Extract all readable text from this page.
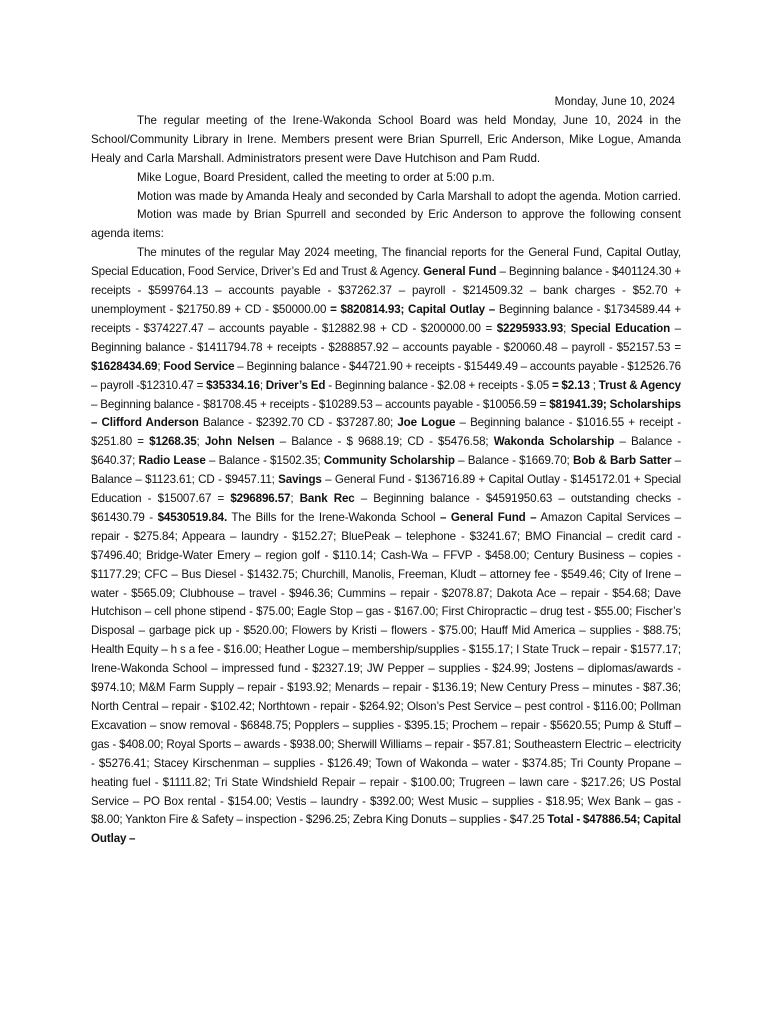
Monday, June 10, 2024

The regular meeting of the Irene-Wakonda School Board was held Monday, June 10, 2024 in the School/Community Library in Irene. Members present were Brian Spurrell, Eric Anderson, Mike Logue, Amanda Healy and Carla Marshall. Administrators present were Dave Hutchison and Pam Rudd.

Mike Logue, Board President, called the meeting to order at 5:00 p.m.

Motion was made by Amanda Healy and seconded by Carla Marshall to adopt the agenda. Motion carried.

Motion was made by Brian Spurrell and seconded by Eric Anderson to approve the following consent agenda items:

The minutes of the regular May 2024 meeting, The financial reports for the General Fund, Capital Outlay, Special Education, Food Service, Driver’s Ed and Trust & Agency. General Fund – Beginning balance - $401124.30 + receipts - $599764.13 – accounts payable - $37262.37 – payroll - $214509.32 – bank charges - $52.70 + unemployment - $21750.89 + CD - $50000.00 = $820814.93; Capital Outlay – Beginning balance - $1734589.44 + receipts - $374227.47 – accounts payable - $12882.98 + CD - $200000.00 = $2295933.93; Special Education – Beginning balance - $1411794.78 + receipts - $288857.92 – accounts payable - $20060.48 – payroll - $52157.53 = $1628434.69; Food Service – Beginning balance - $44721.90 + receipts - $15449.49 – accounts payable - $12526.76 – payroll -$12310.47 = $35334.16; Driver’s Ed - Beginning balance - $2.08 + receipts - $.05 = $2.13 ; Trust & Agency – Beginning balance - $81708.45 + receipts - $10289.53 – accounts payable - $10056.59 = $81941.39; Scholarships – Clifford Anderson Balance - $2392.70 CD - $37287.80; Joe Logue – Beginning balance - $1016.55 + receipt - $251.80 = $1268.35; John Nelsen – Balance - $ 9688.19; CD - $5476.58; Wakonda Scholarship – Balance - $640.37; Radio Lease – Balance - $1502.35; Community Scholarship – Balance - $1669.70; Bob & Barb Satter – Balance – $1123.61; CD - $9457.11; Savings – General Fund - $136716.89 + Capital Outlay - $145172.01 + Special Education - $15007.67 = $296896.57; Bank Rec – Beginning balance - $4591950.63 – outstanding checks - $61430.79 - $4530519.84. The Bills for the Irene-Wakonda School – General Fund – Amazon Capital Services – repair - $275.84; Appeara – laundry - $152.27; BluePeak – telephone - $3241.67; BMO Financial – credit card - $7496.40; Bridge-Water Emery – region golf - $110.14; Cash-Wa – FFVP - $458.00; Century Business – copies - $1177.29; CFC – Bus Diesel - $1432.75; Churchill, Manolis, Freeman, Kludt – attorney fee - $549.46; City of Irene – water - $565.09; Clubhouse – travel - $946.36; Cummins – repair - $2078.87; Dakota Ace – repair - $54.68; Dave Hutchison – cell phone stipend - $75.00; Eagle Stop – gas - $167.00; First Chiropractic – drug test - $55.00; Fischer’s Disposal – garbage pick up - $520.00; Flowers by Kristi – flowers - $75.00; Hauff Mid America – supplies - $88.75; Health Equity – h s a fee - $16.00; Heather Logue – membership/supplies - $155.17; I State Truck – repair - $1577.17; Irene-Wakonda School – impressed fund - $2327.19; JW Pepper – supplies - $24.99; Jostens – diplomas/awards - $974.10; M&M Farm Supply – repair - $193.92; Menards – repair - $136.19; New Century Press – minutes - $87.36; North Central – repair - $102.42; Northtown - repair - $264.92; Olson’s Pest Service – pest control - $116.00; Pollman Excavation – snow removal - $6848.75; Popplers – supplies - $395.15; Prochem – repair - $5620.55; Pump & Stuff – gas - $408.00; Royal Sports – awards - $938.00; Sherwill Williams – repair - $57.81; Southeastern Electric – electricity - $5276.41; Stacey Kirschenman – supplies - $126.49; Town of Wakonda – water - $374.85; Tri County Propane – heating fuel - $1111.82; Tri State Windshield Repair – repair - $100.00; Trugreen – lawn care - $217.26; US Postal Service – PO Box rental - $154.00; Vestis – laundry - $392.00; West Music – supplies - $18.95; Wex Bank – gas - $8.00; Yankton Fire & Safety – inspection - $296.25; Zebra King Donuts – supplies - $47.25 Total - $47886.54; Capital Outlay –
